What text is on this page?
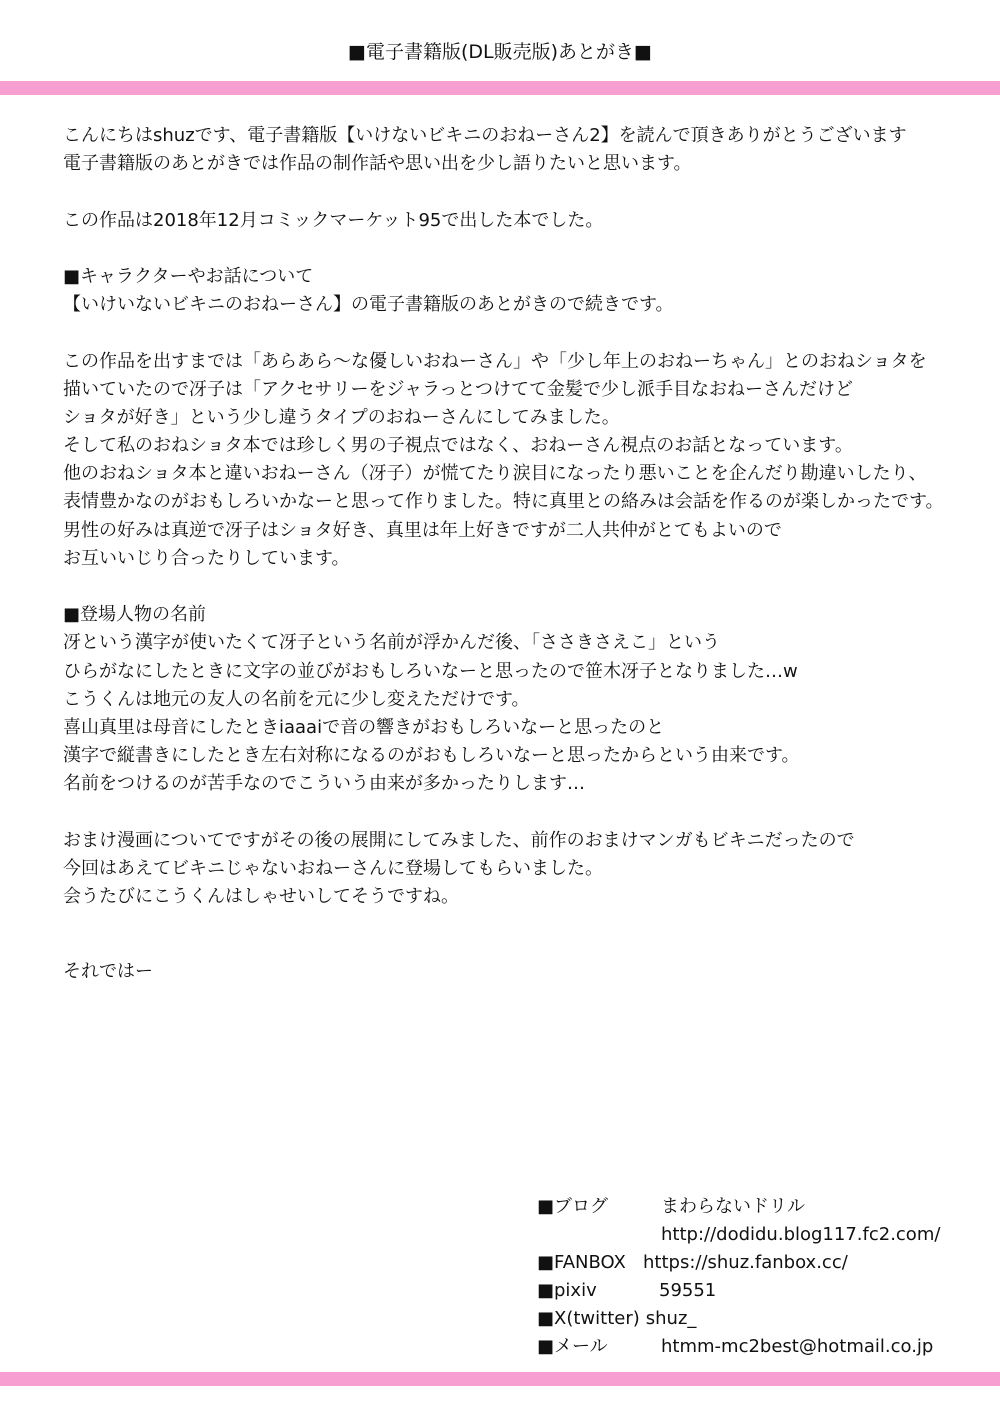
■電子書籍版(DL販売版)あとがき■
こんにちはshuzです、電子書籍版【いけないビキニのおねーさん2】を読んで頂きありがとうございます
電子書籍版のあとがきでは作品の制作話や思い出を少し語りたいと思います。
この作品は2018年12月コミックマーケット95で出した本でした。
■キャラクターやお話について
【いけいないビキニのおねーさん】の電子書籍版のあとがきので続きです。
この作品を出すまでは「あらあら～な優しいおねーさん」や「少し年上のおねーちゃん」とのおねショタを
描いていたので冴子は「アクセサリーをジャラっとつけてて金髪で少し派手目なおねーさんだけど
ショタが好き」という少し違うタイプのおねーさんにしてみました。
そして私のおねショタ本では珍しく男の子視点ではなく、おねーさん視点のお話となっています。
他のおねショタ本と違いおねーさん（冴子）が慌てたり涙目になったり悪いことを企んだり勘違いしたり、
表情豊かなのがおもしろいかなーと思って作りました。特に真里との絡みは会話を作るのが楽しかったです。
男性の好みは真逆で冴子はショタ好き、真里は年上好きですが二人共仲がとてもよいので
お互いいじり合ったりしています。
■登場人物の名前
冴という漢字が使いたくて冴子という名前が浮かんだ後、「ささきさえこ」という
ひらがなにしたときに文字の並びがおもしろいなーと思ったので笹木冴子となりました…w
こうくんは地元の友人の名前を元に少し変えただけです。
喜山真里は母音にしたときiaaaiで音の響きがおもしろいなーと思ったのと
漢字で縦書きにしたとき左右対称になるのがおもしろいなーと思ったからという由来です。
名前をつけるのが苦手なのでこういう由来が多かったりします…
おまけ漫画についてですがその後の展開にしてみました、前作のおまけマンガもビキニだったので
今回はあえてビキニじゃないおねーさんに登場してもらいました。
会うたびにこうくんはしゃせいしてそうですね。
それではー
■ブログ	まわらないドリル
http://dodidu.blog117.fc2.com/
■FANBOX https://shuz.fanbox.cc/
■pixiv	59551
■X(twitter) shuz_
■メール	htmm-mc2best@hotmail.co.jp
